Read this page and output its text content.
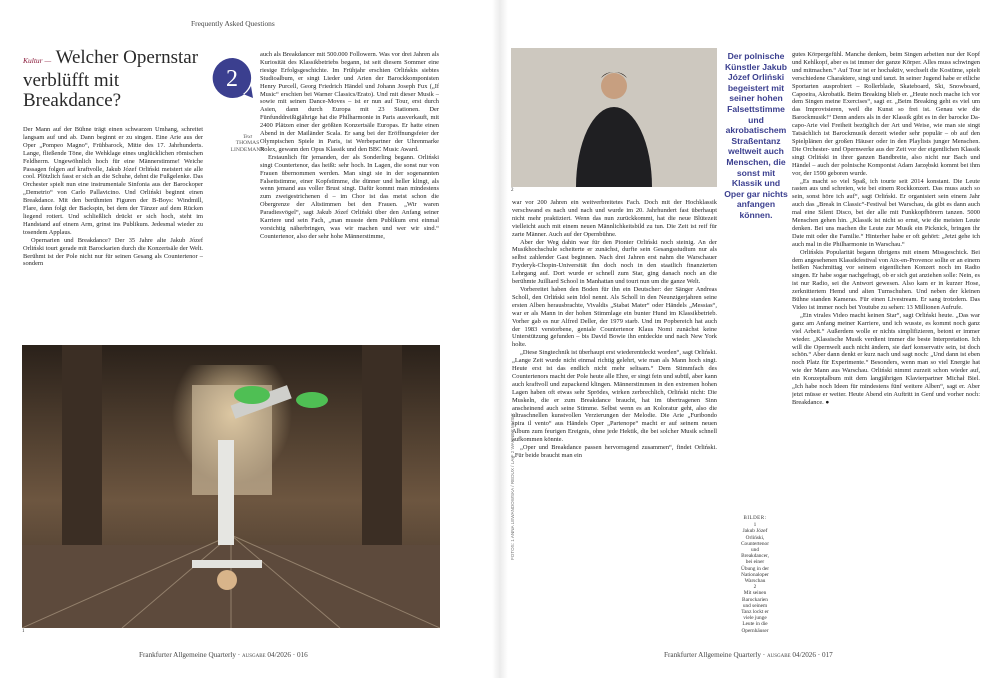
Frequently Asked Questions
Kultur — Welcher Opernstar verblüfft mit Breakdance?
2
Text
THOMAS LINDEMANN

Der Mann auf der Bühne trägt einen schwarzen Umhang, schreitet langsam auf und ab. Dann beginnt er zu singen. Eine Arie aus der Oper „Pompeo Magno“, Frühbarock, Mitte des 17. Jahrhunderts. Lange, fließende Töne, die Wehklage eines unglücklichen römischen Feldherrn. Ungewöhnlich hoch für eine Männerstimme! Weiche Passagen folgen auf kraftvolle, Jakub Józef Orliński meistert sie alle cool. Plötzlich fasst er sich an die Schuhe, dehnt die Fußgelenke. Das Orchester spielt nun eine instrumentale Sinfonia aus der Barockoper „Demetrio“ von Carlo Pallavicino. Und Orliński beginnt einen Breakdance. Mit den berühmten Figuren der B-Boys: Windmill, Flare, dann folgt der Backspin, bei dem der Tänzer auf dem Rücken liegend rotiert. Und schließlich drückt er sich hoch, steht im Handstand auf einem Arm, grinst ins Publikum. Jedesmal wieder zu tosendem Applaus.

Opernarien und Breakdance? Der 35 Jahre alte Jakub Józef Orliński tourt gerade mit Barockarien durch die Konzertsäle der Welt. Berühmt ist der Pole nicht nur für seinen Gesang als Countertenor – sondern

auch als Breakdancer mit 500.000 Followern. Was vor drei Jahren als Kuriosität des Klassikbetriebs begann, ist seit diesem Sommer eine riesige Erfolgsgeschichte. Im Frühjahr erschien Orlińskis siebtes Studioalbum, er singt Lieder und Arien der Barockkomponisten Henry Purcell, Georg Friedrich Händel und Johann Joseph Fux („If Music“ erschien bei Warner Classics/Erato). Und mit dieser Musik – sowie mit seinen Dance-Moves – ist er nun auf Tour, erst durch Asien, dann durch Europa mit 23 Stationen. Der Fünfunddreißigjährige hat die Philharmonie in Paris ausverkauft, mit 2400 Plätzen einer der größten Konzertsäle Europas. Er hatte einen Abend in der Mailänder Scala. Er sang bei der Eröffnungsfeier der Olympischen Spiele in Paris, ist Werbepartner der Uhrenmarke Rolex, gewann den Opus Klassik und den BBC Music Award.

Erstaunlich für jemanden, der als Sonderling begann. Orliński singt Countertenor, das heißt: sehr hoch. In Lagen, die sonst nur von Frauen übernommen werden. Man singt sie in der sogenannten Falsettstimme, einer Kopfstimme, die dünner und heller klingt, als wenn jemand aus voller Brust singt. Dafür kommt man mindestens zum zweigestrichenen d – im Chor ist das meist schon die Obergrenze der Altstimmen bei den Frauen. „Wir waren Paradiesvögel“, sagt Jakub Józef Orliński über den Anfang seiner Karriere und sein Fach, „man musste dem Publikum erst einmal vorsichtig näherbringen, was wir machen und wer wir sind.“ Countertenor, also der sehr hohe Männerstimme,

1

war vor 200 Jahren ein weitverbreitetes Fach. Doch mit der Hochklassik verschwand es nach und nach und wurde im 20. Jahrhundert fast überhaupt nicht mehr praktiziert. Wenn das nun zurückkommt, hat die neue Blütezeit vielleicht auch mit einem neuen Männlichkeitsbild zu tun. Die Zeit ist reif für zarte Männer. Auch auf der Opernbühne.

Aber der Weg dahin war für den Pionier Orliński noch steinig. An der Musikhochschule scheiterte er zunächst, durfte sein Gesangsstudium nur als selbst zahlender Gast beginnen. Nach drei Jahren erst nahm die Warschauer Fryderyk-Chopin-Universität ihn doch noch in den staatlich finanzierten Lehrgang auf. Dort wurde er schnell zum Star, ging danach noch an die berühmte Juilliard School in Manhattan und tourt nun um die ganze Welt.

Vorbereitet haben den Boden für ihn ein Deutscher: der Sänger Andreas Scholl, den Orliński sein Idol nennt. Als Scholl in den Neunzigerjahren seine ersten Alben herausbrachte, Vivaldis „Stabat Mater“ oder Händels „Messias“, war er als Mann in der hohen Stimmlage ein bunter Hund im Klassikbetrieb. Vorher gab es nur Alfred Deller, der 1979 starb. Und im Popbereich hat auch der 1983 verstorbene, geniale Countertenor Klaus Nomi zunächst keine Unterstützung gefunden – bis David Bowie ihn entdeckte und nach New York holte.

„Diese Singtechnik ist überhaupt erst wiederentdeckt worden“, sagt Orliński. „Lange Zeit wurde nicht einmal richtig gelehrt, wie man als Mann hoch singt. Heute erst ist das endlich nicht mehr seltsam.“ Dem Stimmfach des Countertenors macht der Pole heute alle Ehre, er singt fein und subtil, aber kann auch kraftvoll und zupackend klingen. Männerstimmen in den extremen hohen Lagen haben oft etwas sehr Sprödes, wirken zerbrechlich, Orliński nicht: Die Muskeln, die er zum Breakdance braucht, hat im übertragenen Sinn anscheinend auch seine Stimme. Selbst wenn es an Koloratur geht, also die ultraschnellen kunstvollen Verzierungen der Melodie. Die Arie „Furibondo spira il vento“ aus Händels Oper „Partenope“ macht er auf seinem neuen Album zum feurigen Ereignis, ohne jede Hektik, die bei solcher Musik schnell aufkommen könnte.

„Oper und Breakdance passen hervorragend zusammen“, findet Orliński. „Für beide braucht man ein

2
Der polnische Künstler Jakub Józef Orliński begeistert mit seiner hohen Falsettstimme und akrobatischem Straßentanz weltweit auch Menschen, die sonst mit Klassik und Oper gar nichts anfangen können.

gutes Körpergefühl. Manche denken, beim Singen arbeiten nur der Kopf und Kehlkopf, aber es ist immer der ganze Körper. Alles muss schwingen und mitmachen.“ Auf Tour ist er hochaktiv, wechselt die Kostüme, spielt verschiedene Charaktere, singt und tanzt. In seiner Jugend habe er etliche Sportarten ausprobiert – Rollerblade, Skateboard, Ski, Snowboard, Capoeira, Akrobatik. Beim Breaking blieb er. „Heute noch mache ich vor dem Singen meine Exercises“, sagt er. „Beim Breaking geht es viel um das Improvisieren, weil die Kunst so frei ist. Genau wie die Barockmusik!“ Denn anders als in der Klassik gibt es in der barocke Da-capo-Arie viel Freiheit bezüglich der Art und Weise, wie man sie singt Tatsächlich ist Barockmusik derzeit wieder sehr populär – ob auf den Spielplänen der großen Häuser oder in den Playlists junger Menschen. Die Orchester- und Opernwerke aus der Zeit vor der eigentlichen Klassik singt Orliński in ihrer ganzen Bandbreite, also nicht nur Bach und Händel – auch der polnische Komponist Adam Jarzębski kommt bei ihm vor, der 1590 geboren wurde.

„Es macht so viel Spaß, ich tourte seit 2014 konstant. Die Leute rasten aus und schreien, wie bei einem Rockkonzert. Das muss auch so sein, sonst höre ich auf“, sagt Orliński. Er organisiert sein einem Jahr auch das „Break in Classic“-Festival bei Warschau, da gibt es dann auch mal eine Silent Disco, bei der alle mit Funkkopfhörern tanzen. 5000 Menschen gehen hin. „Klassik ist nicht so ernst, wie die meisten Leute denken. Bei uns machen die Leute zur Musik ein Picknick, bringen ihr Date mit oder die Familie.“ Hinterher habe er oft gehört: „Jetzt gehe ich auch mal in die Philharmonie in Warschau.“

Orlińskis Popularität begann übrigens mit einem Missgeschick. Bei dem angesehenen Klassikfestival von Aix-en-Provence sollte er an einem heißen Nachmittag vor seinem eigentlichen Konzert noch im Radio singen. Er habe sogar nachgefragt, ob er sich gut anziehen solle: Nein, es ist nur Radio, sei die Antwort gewesen. Also kam er in kurzer Hose, zerknittertem Hemd und alten Turnschuhen. Und neben der kleinen Bühne standen Kameras. Für einen Livestream. Er sang trotzdem. Das Video ist immer noch bei Youtube zu sehen: 13 Millionen Aufrufe.

„Ein virales Video macht keinen Star“, sagt Orliński heute. „Das war ganz am Anfang meiner Karriere, und ich wusste, es kommt noch ganz viel Arbeit.“ Außerdem wolle er nichts simplifizieren, betont er immer wieder. „Klassische Musik verdient immer die beste Interpretation. Ich will die Opernwelt auch nicht ändern, sie darf konservativ sein, ist doch schön.“ Aber dann denkt er kurz nach und sagt noch: „Und dann ist eben noch Platz für Experimente.“ Besonders, wenn man so viel Energie hat wie der Mann aus Warschau. Orliński nimmt zurzeit schon wieder auf, ein Konzeptalbum mit dem langjährigen Klavierpartner Michał Biel. „Ich habe noch Ideen für mindestens fünf weitere Alben“, sagt er. Aber jetzt müsse er weiter. Heute Abend ein Auftritt in Genf und vorher noch: Breakdance. ●

BILDER:
1
Jakub Józef Orliński, Countertenor und Breakdancer, bei einer Übung in der Nationaloper Warschau
2
Mit seinen Barockarien und seinem Tanz lockt er viele junge Leute in die Opernhäuser
FOTOS: 1 ANNA LEWANDOWSKA / REDUX / LAIF 2 WARNER MUSIC
Frankfurter Allgemeine Quarterly · ausgabe 04/2026 · 016	Frankfurter Allgemeine Quarterly · ausgabe 04/2026 · 017
